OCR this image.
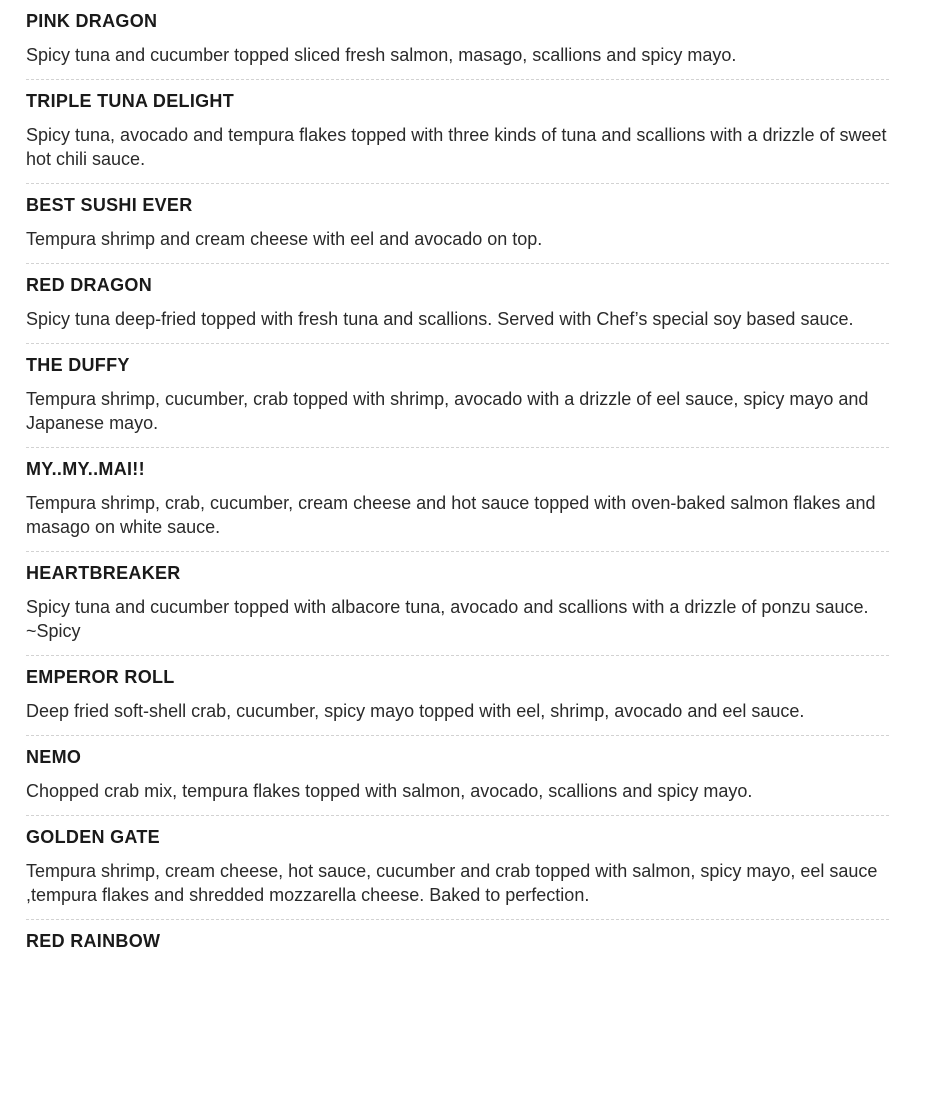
PINK DRAGON

Spicy tuna and cucumber topped sliced fresh salmon, masago, scallions and spicy mayo.

TRIPLE TUNA DELIGHT

Spicy tuna, avocado and tempura flakes topped with three kinds of tuna and scallions with a drizzle of sweet hot chili sauce.

BEST SUSHI EVER

Tempura shrimp and cream cheese with eel and avocado on top.

RED DRAGON

Spicy tuna deep-fried topped with fresh tuna and scallions. Served with Chef’s special soy based sauce.

THE DUFFY

Tempura shrimp, cucumber, crab topped with shrimp, avocado with a drizzle of eel sauce, spicy mayo and Japanese mayo.

MY..MY..MAI!!

Tempura shrimp, crab, cucumber, cream cheese and hot sauce topped with oven-baked salmon flakes and masago on white sauce.

HEARTBREAKER

Spicy tuna and cucumber topped with albacore tuna, avocado and scallions with a drizzle of ponzu sauce. ~Spicy

EMPEROR ROLL

Deep fried soft-shell crab, cucumber, spicy mayo topped with eel, shrimp, avocado and eel sauce.

NEMO

Chopped crab mix, tempura flakes topped with salmon, avocado, scallions and spicy mayo.

GOLDEN GATE

Tempura shrimp, cream cheese, hot sauce, cucumber and crab topped with salmon, spicy mayo, eel sauce ,tempura flakes and shredded mozzarella cheese. Baked to perfection.

RED RAINBOW
